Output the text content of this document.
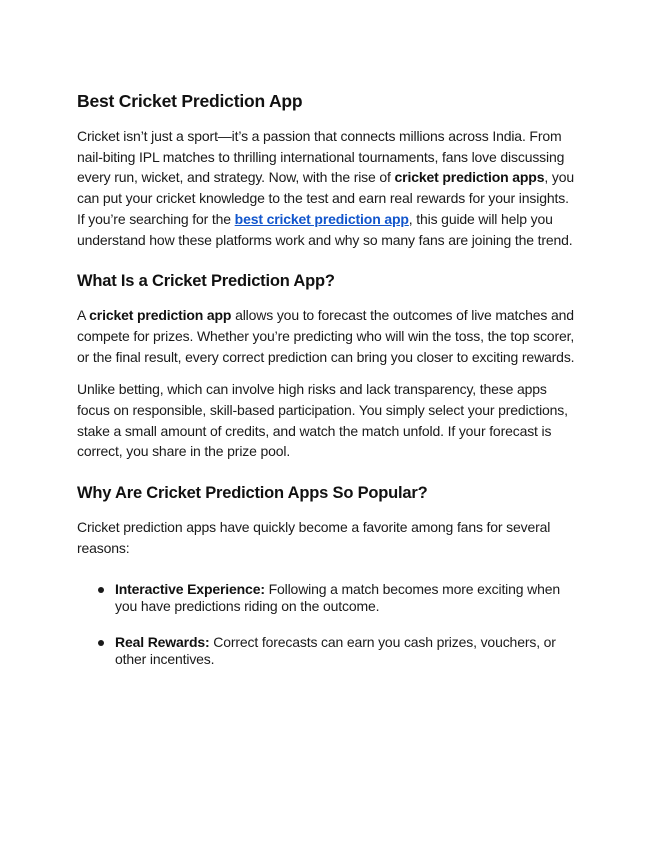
Best Cricket Prediction App

Cricket isn’t just a sport—it’s a passion that connects millions across India. From nail-biting IPL matches to thrilling international tournaments, fans love discussing every run, wicket, and strategy. Now, with the rise of cricket prediction apps, you can put your cricket knowledge to the test and earn real rewards for your insights. If you’re searching for the best cricket prediction app, this guide will help you understand how these platforms work and why so many fans are joining the trend.

What Is a Cricket Prediction App?

A cricket prediction app allows you to forecast the outcomes of live matches and compete for prizes. Whether you’re predicting who will win the toss, the top scorer, or the final result, every correct prediction can bring you closer to exciting rewards.

Unlike betting, which can involve high risks and lack transparency, these apps focus on responsible, skill-based participation. You simply select your predictions, stake a small amount of credits, and watch the match unfold. If your forecast is correct, you share in the prize pool.

Why Are Cricket Prediction Apps So Popular?

Cricket prediction apps have quickly become a favorite among fans for several reasons:

Interactive Experience: Following a match becomes more exciting when you have predictions riding on the outcome.
Real Rewards: Correct forecasts can earn you cash prizes, vouchers, or other incentives.
